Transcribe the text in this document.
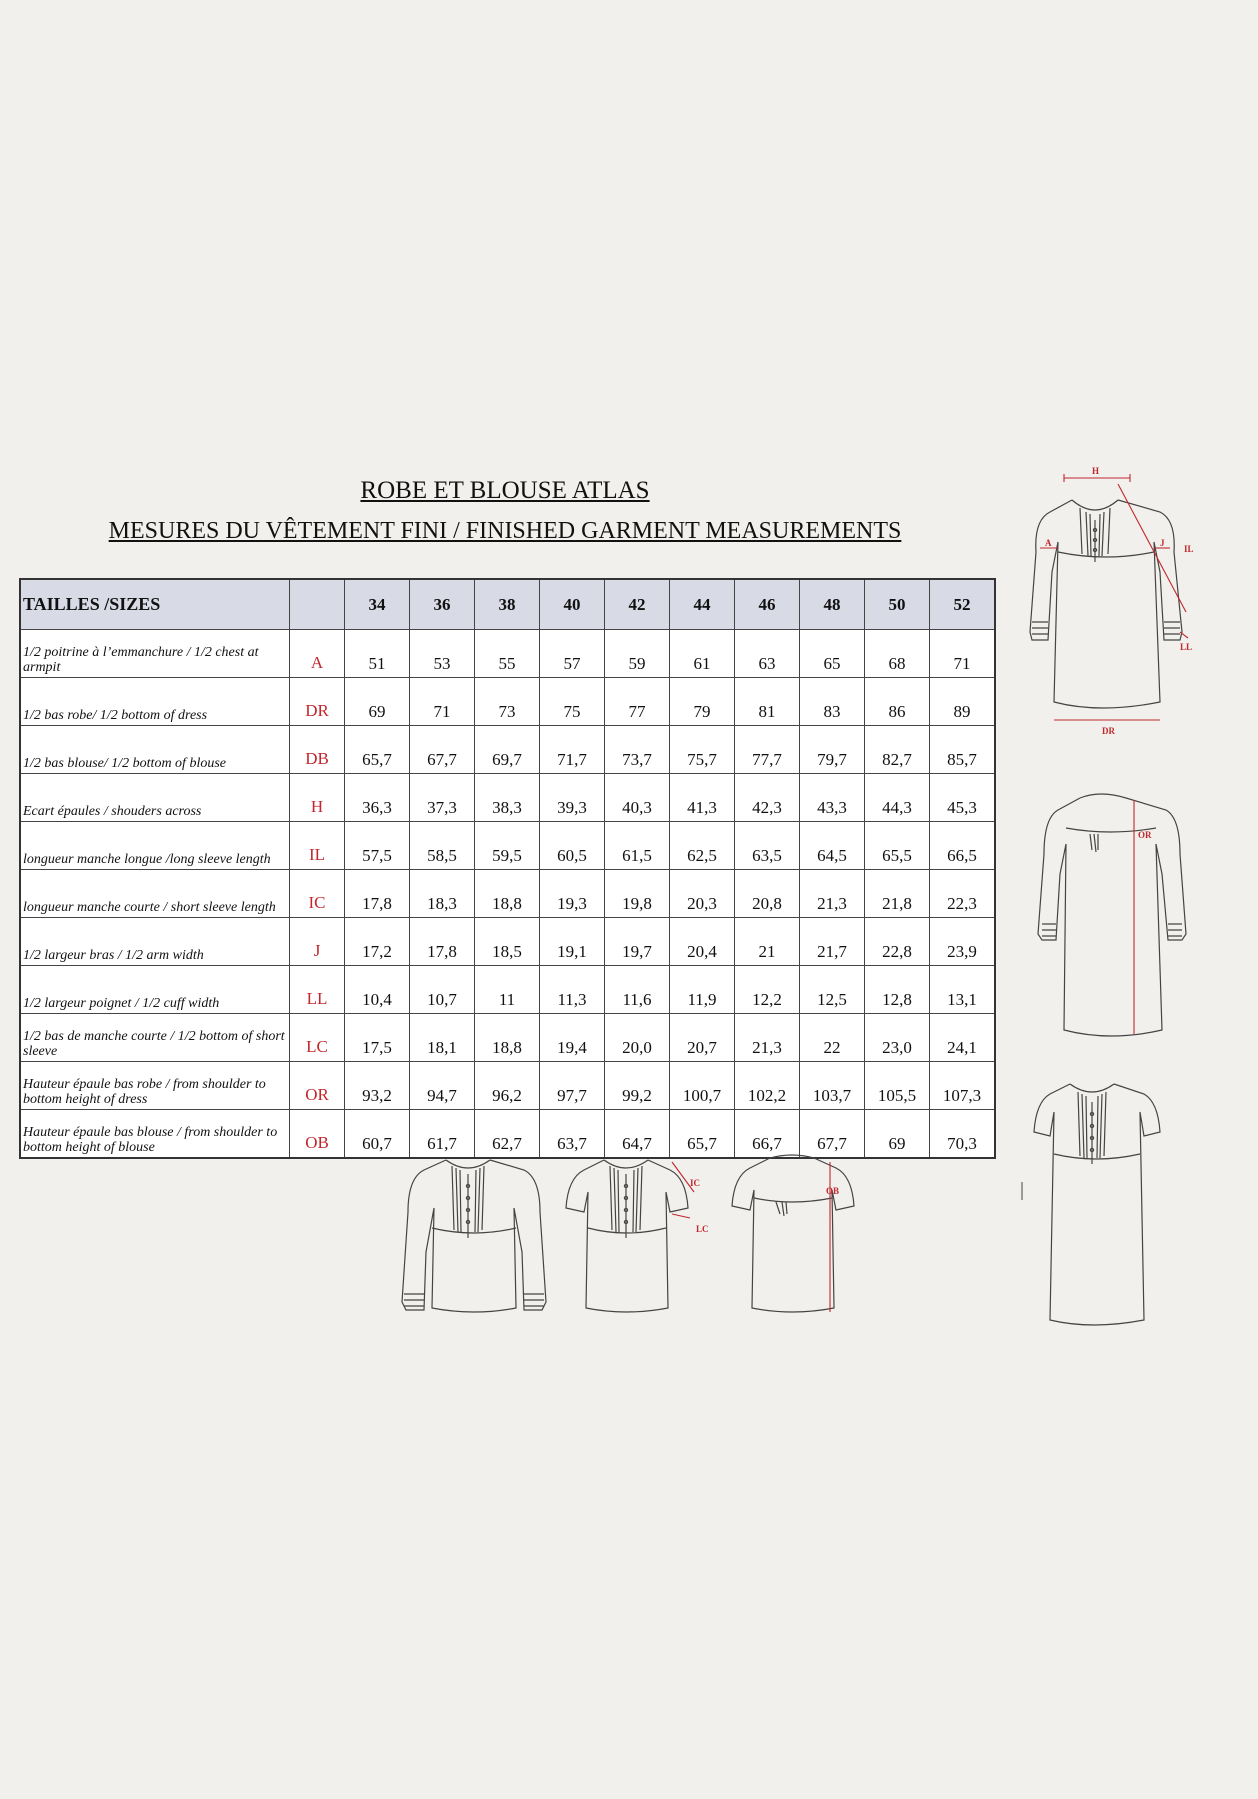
ROBE ET BLOUSE ATLAS

MESURES DU VÊTEMENT FINI / FINISHED GARMENT MEASUREMENTS

TAILLES /SIZES		34	36	38	40	42	44	46	48	50	52
1/2 poitrine à l’emmanchure / 1/2 chest at armpit	A	51	53	55	57	59	61	63	65	68	71
1/2 bas robe/ 1/2 bottom of dress	DR	69	71	73	75	77	79	81	83	86	89
1/2 bas blouse/ 1/2 bottom of blouse	DB	65,7	67,7	69,7	71,7	73,7	75,7	77,7	79,7	82,7	85,7
Ecart épaules / shouders across	H	36,3	37,3	38,3	39,3	40,3	41,3	42,3	43,3	44,3	45,3
longueur manche longue /long sleeve length	IL	57,5	58,5	59,5	60,5	61,5	62,5	63,5	64,5	65,5	66,5
longueur manche courte / short sleeve length	IC	17,8	18,3	18,8	19,3	19,8	20,3	20,8	21,3	21,8	22,3
1/2 largeur bras / 1/2 arm width	J	17,2	17,8	18,5	19,1	19,7	20,4	21	21,7	22,8	23,9
1/2 largeur poignet / 1/2 cuff width	LL	10,4	10,7	11	11,3	11,6	11,9	12,2	12,5	12,8	13,1
1/2 bas de manche courte / 1/2 bottom of short sleeve	LC	17,5	18,1	18,8	19,4	20,0	20,7	21,3	22	23,0	24,1
Hauteur épaule bas robe / from shoulder to bottom height of dress	OR	93,2	94,7	96,2	97,7	99,2	100,7	102,2	103,7	105,5	107,3
Hauteur épaule bas blouse / from shoulder to bottom height of blouse	OB	60,7	61,7	62,7	63,7	64,7	65,7	66,7	67,7	69	70,3
H
A	J
IL
LL
DR
OR
IC
LC
OB
